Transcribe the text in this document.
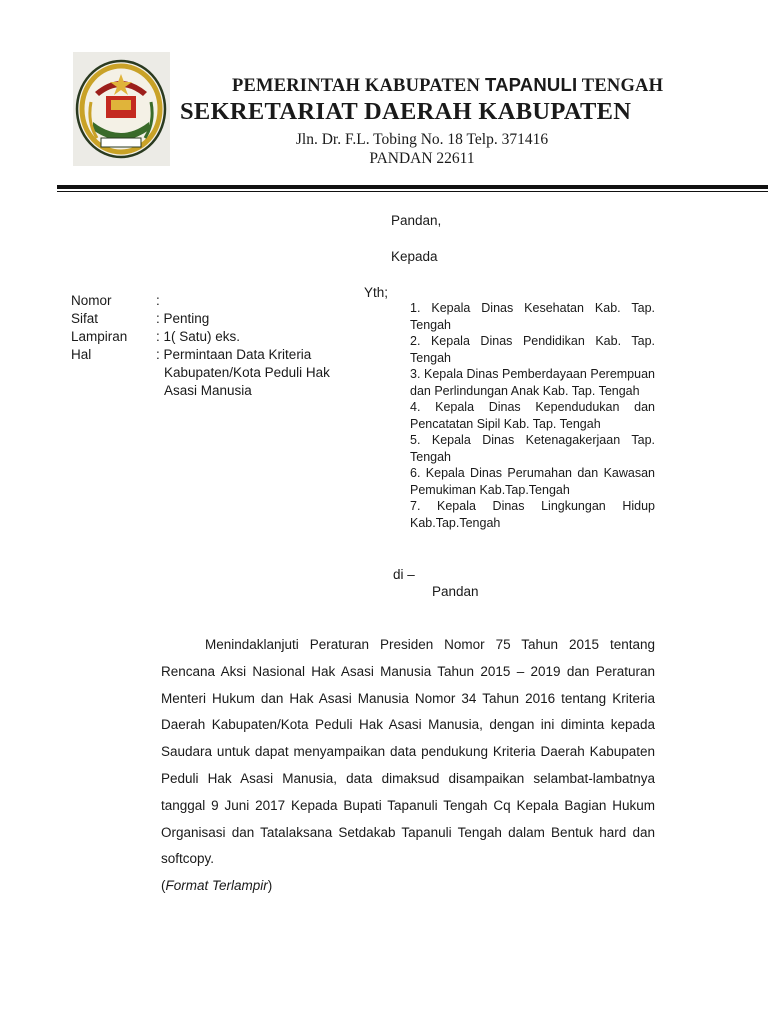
PEMERINTAH KABUPATEN TAPANULI TENGAH
SEKRETARIAT DAERAH KABUPATEN
Jln. Dr. F.L. Tobing No. 18 Telp. 371416
PANDAN 22611
Pandan,
Kepada
Yth;
Nomor	:
Sifat	: Penting
Lampiran	: 1( Satu) eks.
Hal	: Permintaan Data Kriteria
Kabupaten/Kota Peduli Hak
Asasi Manusia

1. Kepala Dinas Kesehatan Kab. Tap. Tengah

2. Kepala Dinas Pendidikan Kab. Tap. Tengah

3. Kepala Dinas Pemberdayaan Perempuan dan Perlindungan Anak Kab. Tap. Tengah

4. Kepala Dinas Kependudukan dan Pencatatan Sipil Kab. Tap. Tengah

5. Kepala Dinas Ketenagakerjaan Tap. Tengah

6. Kepala Dinas Perumahan dan Kawasan Pemukiman Kab.Tap.Tengah

7. Kepala Dinas Lingkungan Hidup Kab.Tap.Tengah

di –
Pandan
Menindaklanjuti Peraturan Presiden Nomor 75 Tahun 2015 tentang Rencana Aksi Nasional Hak Asasi Manusia Tahun 2015 – 2019 dan Peraturan Menteri Hukum dan Hak Asasi Manusia Nomor 34 Tahun 2016 tentang Kriteria Daerah Kabupaten/Kota Peduli Hak Asasi Manusia, dengan ini diminta kepada Saudara untuk dapat menyampaikan data pendukung Kriteria Daerah Kabupaten Peduli Hak Asasi Manusia, data dimaksud disampaikan selambat-lambatnya tanggal 9 Juni 2017 Kepada Bupati Tapanuli Tengah Cq Kepala Bagian Hukum Organisasi dan Tatalaksana Setdakab Tapanuli Tengah dalam Bentuk hard dan softcopy.
(Format Terlampir)
